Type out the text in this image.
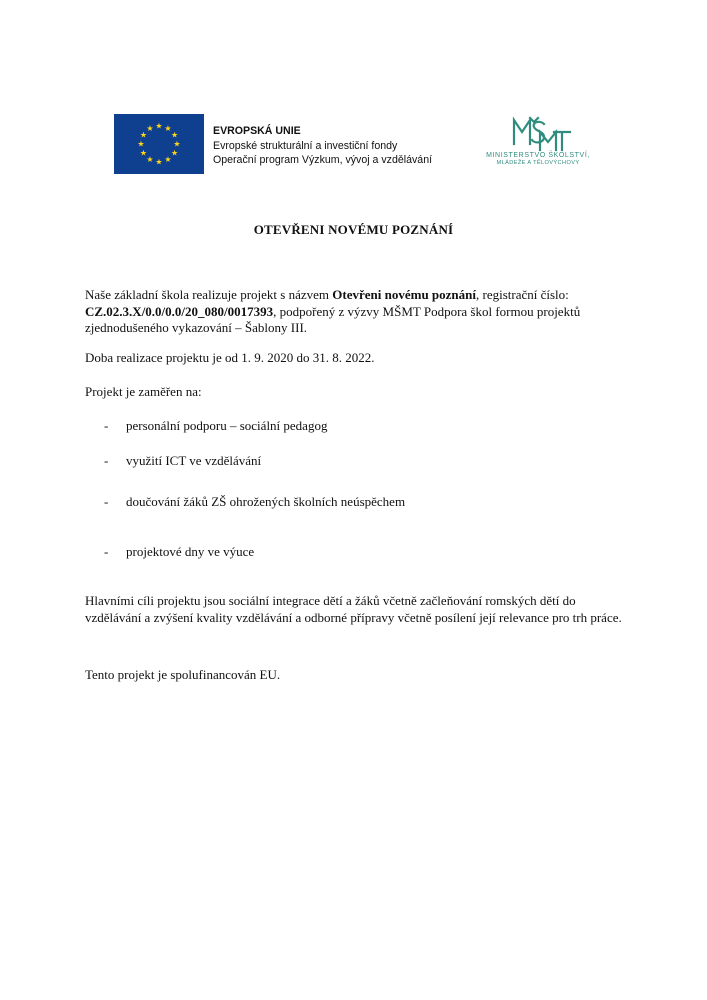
★ ★
★
★
★
★
★
★
★
★
★
★	EVROPSKÁ UNIE
Evropské strukturální a investiční fondy
Operační program Výzkum, vývoj a vzdělávání	MINISTERSTVO ŠKOLSTVÍ,
MLÁDEŽE A TĚLOVÝCHOVY
OTEVŘENI NOVÉMU POZNÁNÍ
Naše základní škola realizuje projekt s názvem Otevřeni novému poznání, registrační číslo:
CZ.02.3.X/0.0/0.0/20_080/0017393, podpořený z výzvy MŠMT Podpora škol formou projektů zjednodušeného vykazování – Šablony III.
Doba realizace projektu je od 1. 9. 2020 do 31. 8. 2022.
Projekt je zaměřen na:
- personální podporu – sociální pedagog
- využití ICT ve vzdělávání
- doučování žáků ZŠ ohrožených školních neúspěchem
- projektové dny ve výuce
Hlavními cíli projektu jsou sociální integrace dětí a žáků včetně začleňování romských dětí do vzdělávání a zvýšení kvality vzdělávání a odborné přípravy včetně posílení její relevance pro trh práce.
Tento projekt je spolufinancován EU.
